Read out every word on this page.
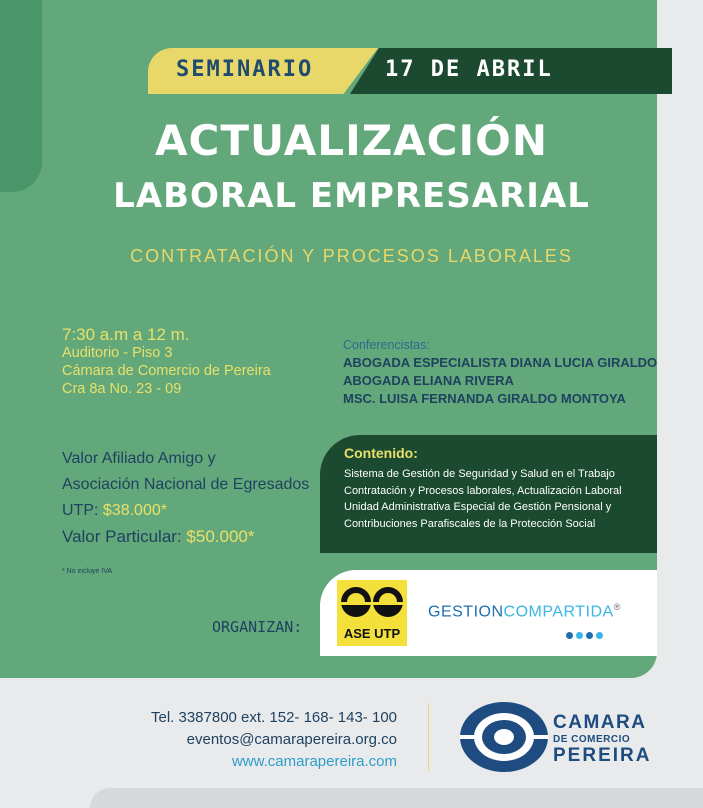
SEMINARIO	17 DE ABRIL
ACTUALIZACIÓN
LABORAL EMPRESARIAL
CONTRATACIÓN Y PROCESOS LABORALES
7:30 a.m a 12 m.
Auditorio - Piso 3
Cámara de Comercio de Pereira
Cra 8a No. 23 - 09
Conferencistas:
ABOGADA ESPECIALISTA DIANA LUCIA GIRALDO
ABOGADA ELIANA RIVERA
MSC. LUISA FERNANDA GIRALDO MONTOYA
Valor Afiliado Amigo y
Asociación Nacional de Egresados
UTP: $38.000*
Valor Particular: $50.000*
* No incluye IVA
Contenido:
Sistema de Gestión de Seguridad y Salud en el Trabajo
Contratación y Procesos laborales, Actualización Laboral
Unidad Administrativa Especial de Gestión Pensional y
Contribuciones Parafiscales de la Protección Social
ORGANIZAN:	ASE UTP
GESTIONCOMPARTIDA®
Tel. 3387800 ext. 152- 168- 143- 100
eventos@camarapereira.org.co
www.camarapereira.com
CAMARA
DE COMERCIO
PEREIRA
